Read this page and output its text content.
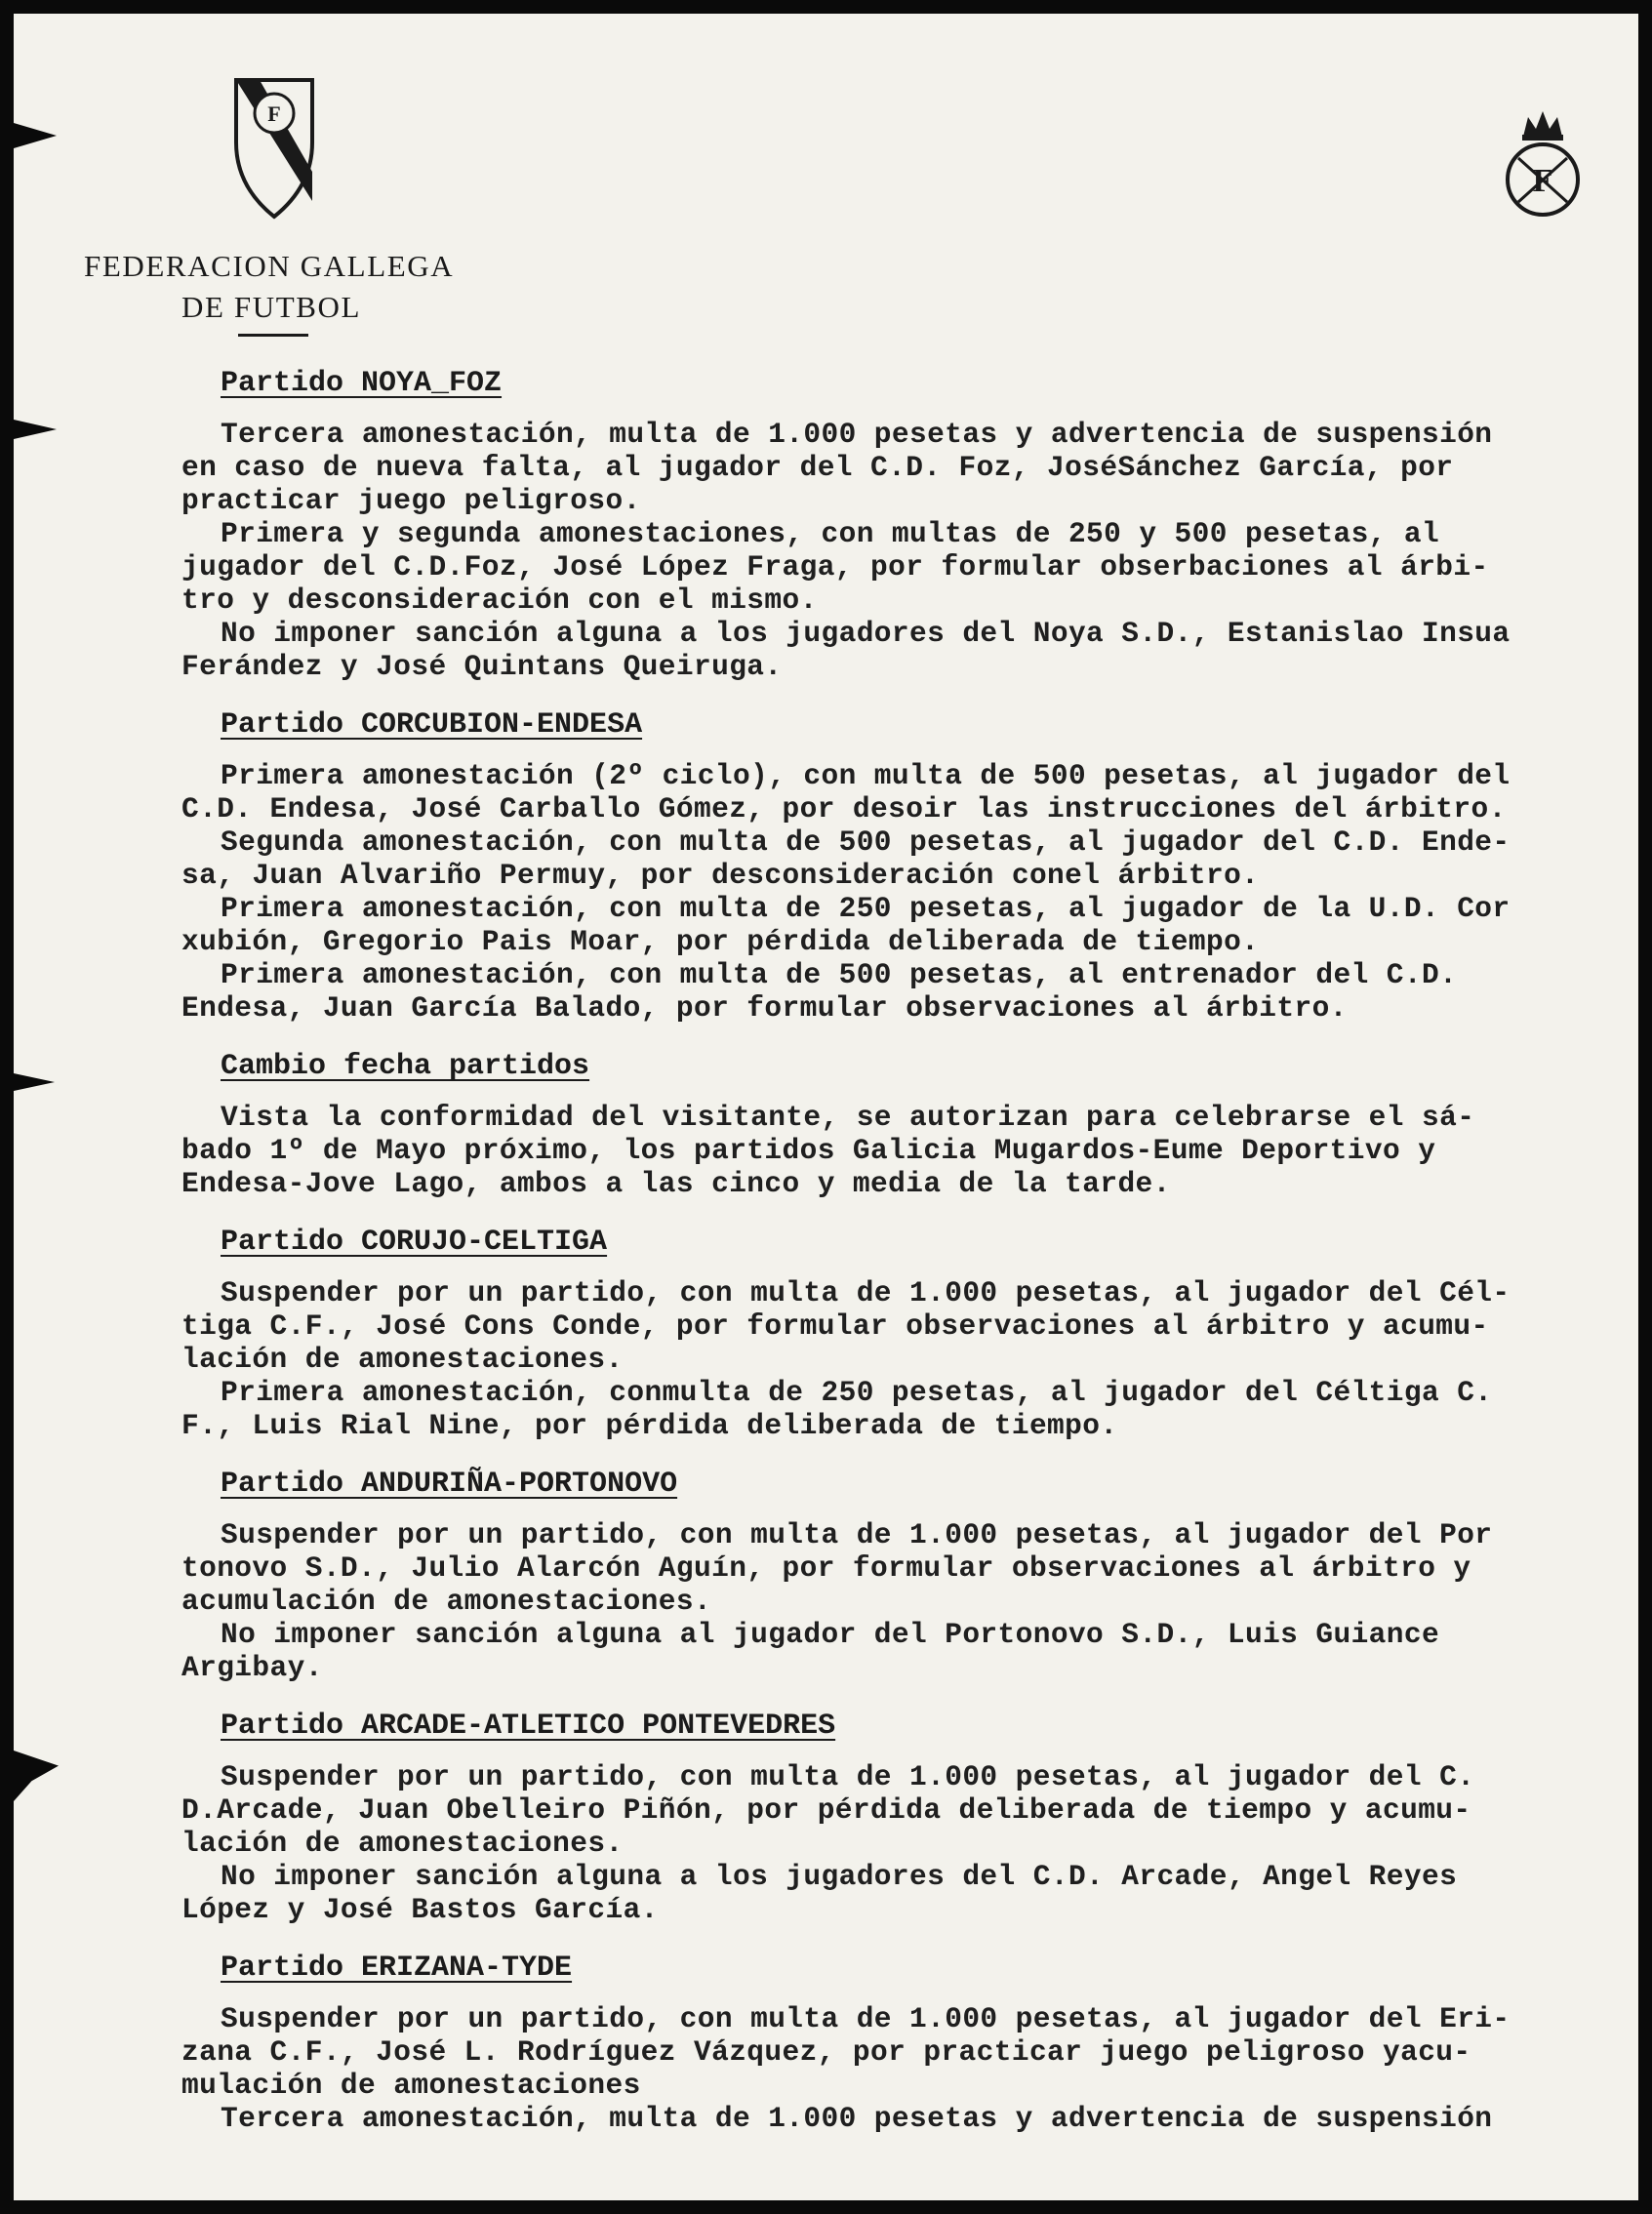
F
F
FEDERACION GALLEGA
DE FUTBOL
Partido NOYA_FOZ
Tercera amonestación, multa de 1.000 pesetas y advertencia de suspensión
en caso de nueva falta, al jugador del C.D. Foz, JoséSánchez García, por
practicar juego peligroso.
Primera y segunda amonestaciones, con multas de 250 y 500 pesetas, al
jugador del C.D.Foz, José López Fraga, por formular obserbaciones al árbi-
tro y desconsideración con el mismo.
No imponer sanción alguna a los jugadores del Noya S.D., Estanislao Insua
Ferández y José Quintans Queiruga.
Partido CORCUBION-ENDESA
Primera amonestación (2º ciclo), con multa de 500 pesetas, al jugador del
C.D. Endesa, José Carballo Gómez, por desoir las instrucciones del árbitro.
Segunda amonestación, con multa de 500 pesetas, al jugador del C.D. Ende-
sa, Juan Alvariño Permuy, por desconsideración conel árbitro.
Primera amonestación, con multa de 250 pesetas, al jugador de la U.D. Cor
xubión, Gregorio Pais Moar, por pérdida deliberada de tiempo.
Primera amonestación, con multa de 500 pesetas, al entrenador del C.D.
Endesa, Juan García Balado, por formular observaciones al árbitro.
Cambio fecha partidos
Vista la conformidad del visitante, se autorizan para celebrarse el sá-
bado 1º de Mayo próximo, los partidos Galicia Mugardos-Eume Deportivo y
Endesa-Jove Lago, ambos a las cinco y media de la tarde.
Partido CORUJO-CELTIGA
Suspender por un partido, con multa de 1.000 pesetas, al jugador del Cél-
tiga C.F., José Cons Conde, por formular observaciones al árbitro y acumu-
lación de amonestaciones.
Primera amonestación, conmulta de 250 pesetas, al jugador del Céltiga C.
F., Luis Rial Nine, por pérdida deliberada de tiempo.
Partido ANDURIÑA-PORTONOVO
Suspender por un partido, con multa de 1.000 pesetas, al jugador del Por
tonovo S.D., Julio Alarcón Aguín, por formular observaciones al árbitro y
acumulación de amonestaciones.
No imponer sanción alguna al jugador del Portonovo S.D., Luis Guiance
Argibay.
Partido ARCADE-ATLETICO PONTEVEDRES
Suspender por un partido, con multa de 1.000 pesetas, al jugador del C.
D.Arcade, Juan Obelleiro Piñón, por pérdida deliberada de tiempo y acumu-
lación de amonestaciones.
No imponer sanción alguna a los jugadores del C.D. Arcade, Angel Reyes
López y José Bastos García.
Partido ERIZANA-TYDE
Suspender por un partido, con multa de 1.000 pesetas, al jugador del Eri-
zana C.F., José L. Rodríguez Vázquez, por practicar juego peligroso yacu-
mulación de amonestaciones
Tercera amonestación, multa de 1.000 pesetas y advertencia de suspensión
